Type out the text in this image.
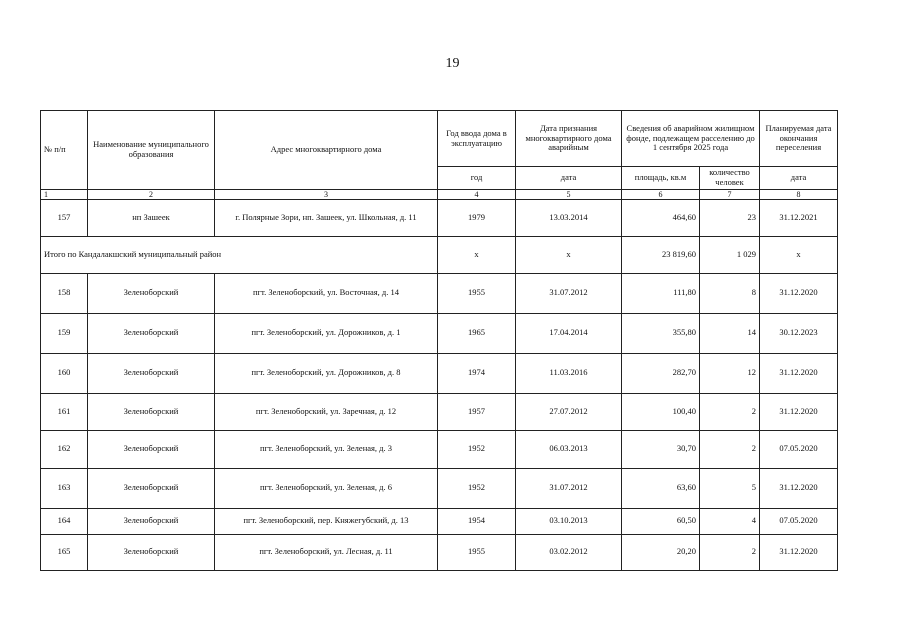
19
№ п/п	Наименование муниципального образования	Адрес многоквартирного дома	Год ввода дома в эксплуатацию	Дата признания многоквартирного дома аварийным	Сведения об аварийном жилищном фонде, подлежащем расселению до 1 сентября 2025 года		Планируемая дата окончания переселения
			год	дата	площадь, кв.м	количество человек	дата
1	2	3	4	5	6	7	8
157	нп Зашеек	г. Полярные Зори, нп. Зашеек, ул. Школьная, д. 11	1979	13.03.2014	464,60	23	31.12.2021
Итого по Кандалакшский муниципальный район			x	x	23 819,60	1 029	x
158	Зеленоборский	пгт. Зеленоборский, ул. Восточная, д. 14	1955	31.07.2012	111,80	8	31.12.2020
159	Зеленоборский	пгт. Зеленоборский, ул. Дорожников, д. 1	1965	17.04.2014	355,80	14	30.12.2023
160	Зеленоборский	пгт. Зеленоборский, ул. Дорожников, д. 8	1974	11.03.2016	282,70	12	31.12.2020
161	Зеленоборский	пгт. Зеленоборский, ул. Заречная, д. 12	1957	27.07.2012	100,40	2	31.12.2020
162	Зеленоборский	пгт. Зеленоборский, ул. Зеленая, д. 3	1952	06.03.2013	30,70	2	07.05.2020
163	Зеленоборский	пгт. Зеленоборский, ул. Зеленая, д. 6	1952	31.07.2012	63,60	5	31.12.2020
164	Зеленоборский	пгт. Зеленоборский, пер. Княжегубский, д. 13	1954	03.10.2013	60,50	4	07.05.2020
165	Зеленоборский	пгт. Зеленоборский, ул. Лесная, д. 11	1955	03.02.2012	20,20	2	31.12.2020
